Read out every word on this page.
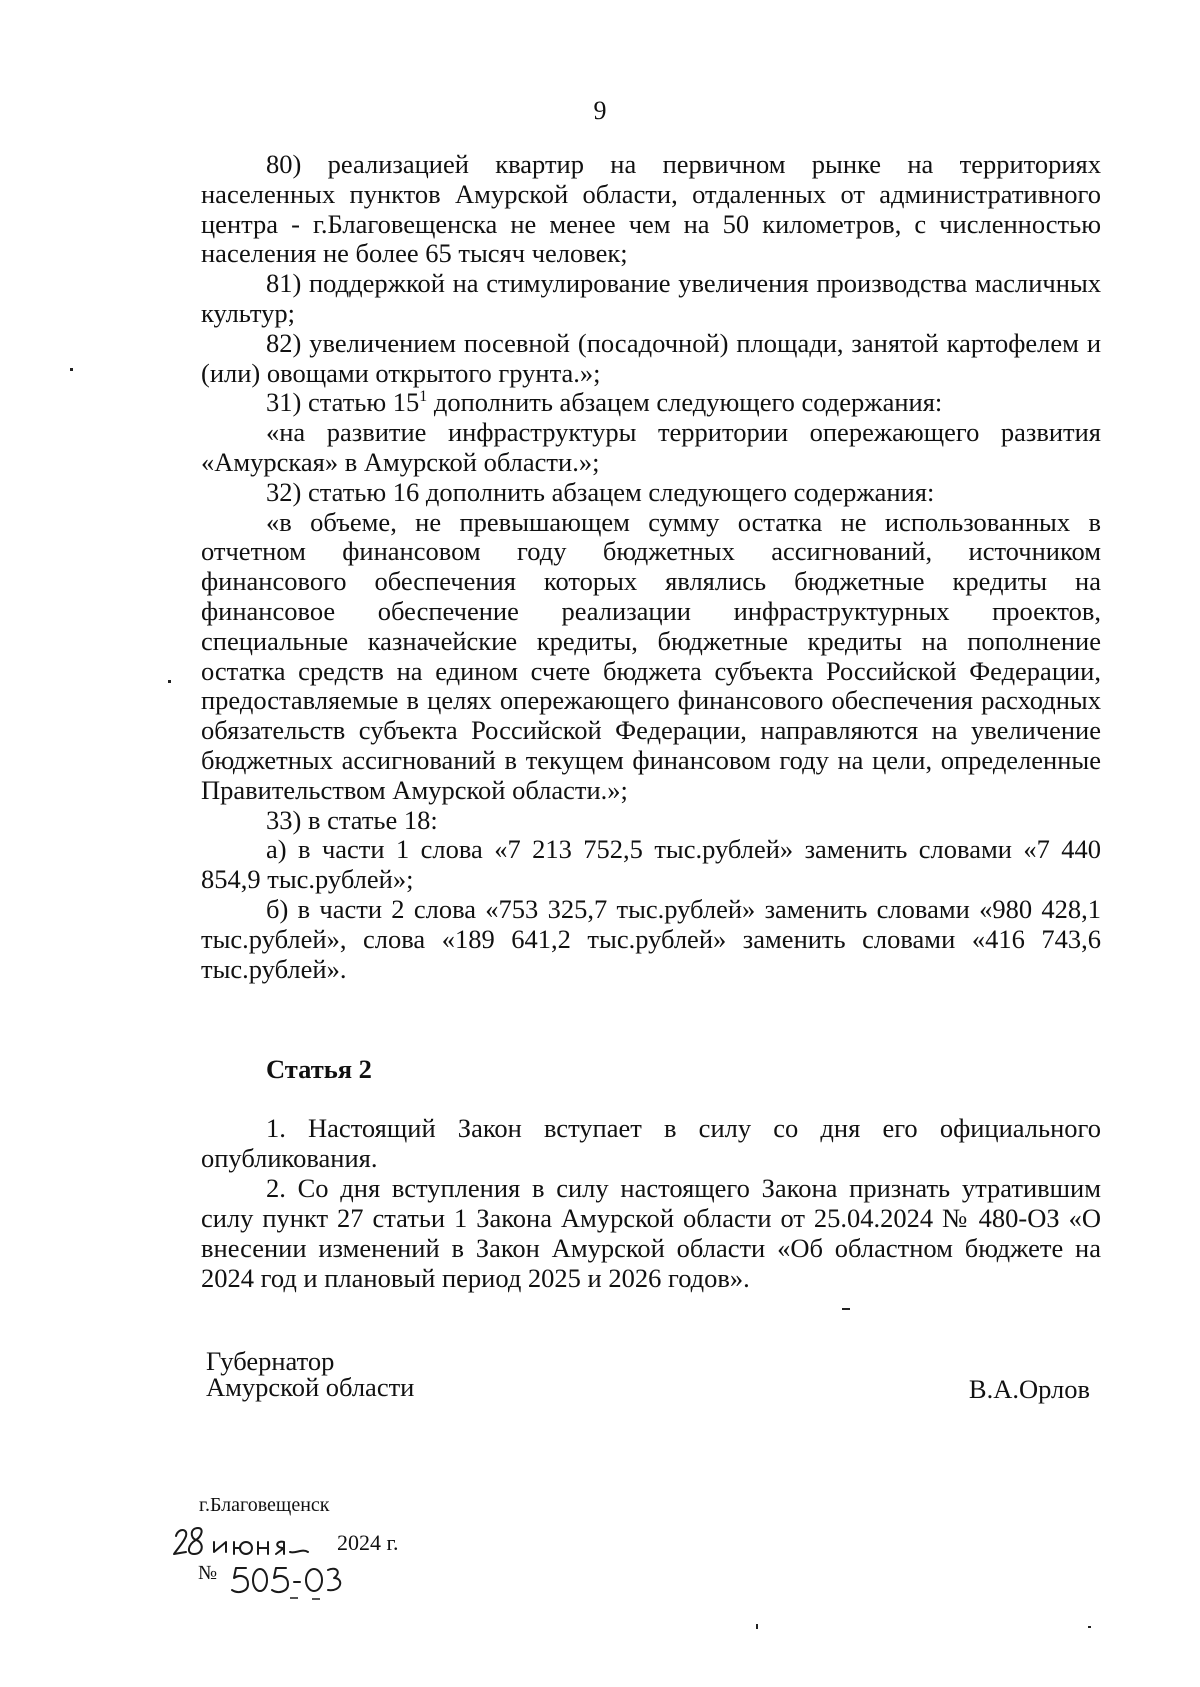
9

80) реализацией квартир на первичном рынке на территориях населенных пунктов Амурской области, отдаленных от административного центра - г.Благовещенска не менее чем на 50 километров, с численностью населения не более 65 тысяч человек;

81) поддержкой на стимулирование увеличения производства масличных культур;

82) увеличением посевной (посадочной) площади, занятой картофелем и (или) овощами открытого грунта.»;

31) статью $15^1$ дополнить абзацем следующего содержания:

«на развитие инфраструктуры территории опережающего развития «Амурская» в Амурской области.»;

32) статью 16 дополнить абзацем следующего содержания:

«в объеме, не превышающем сумму остатка не использованных в отчетном финансовом году бюджетных ассигнований, источником финансового обеспечения которых являлись бюджетные кредиты на финансовое обеспечение реализации инфраструктурных проектов, специальные казначейские кредиты, бюджетные кредиты на пополнение остатка средств на едином счете бюджета субъекта Российской Федерации, предоставляемые в целях опережающего финансового обеспечения расходных обязательств субъекта Российской Федерации, направляются на увеличение бюджетных ассигнований в текущем финансовом году на цели, определенные Правительством Амурской области.»;

33) в статье 18:

а) в части 1 слова «7 213 752,5 тыс.рублей» заменить словами «7 440 854,9 тыс.рублей»;

б) в части 2 слова «753 325,7 тыс.рублей» заменить словами «980 428,1 тыс.рублей», слова «189 641,2 тыс.рублей» заменить словами «416 743,6 тыс.рублей».

Статья 2

1. Настоящий Закон вступает в силу со дня его официального опубликования.

2. Со дня вступления в силу настоящего Закона признать утратившим силу пункт 27 статьи 1 Закона Амурской области от 25.04.2024 № 480-ОЗ «О внесении изменений в Закон Амурской области «Об областном бюджете на 2024 год и плановый период 2025 и 2026 годов».

Губернатор
Амурской области	В.А.Орлов
г.Благовещенск
2024 г.
№
